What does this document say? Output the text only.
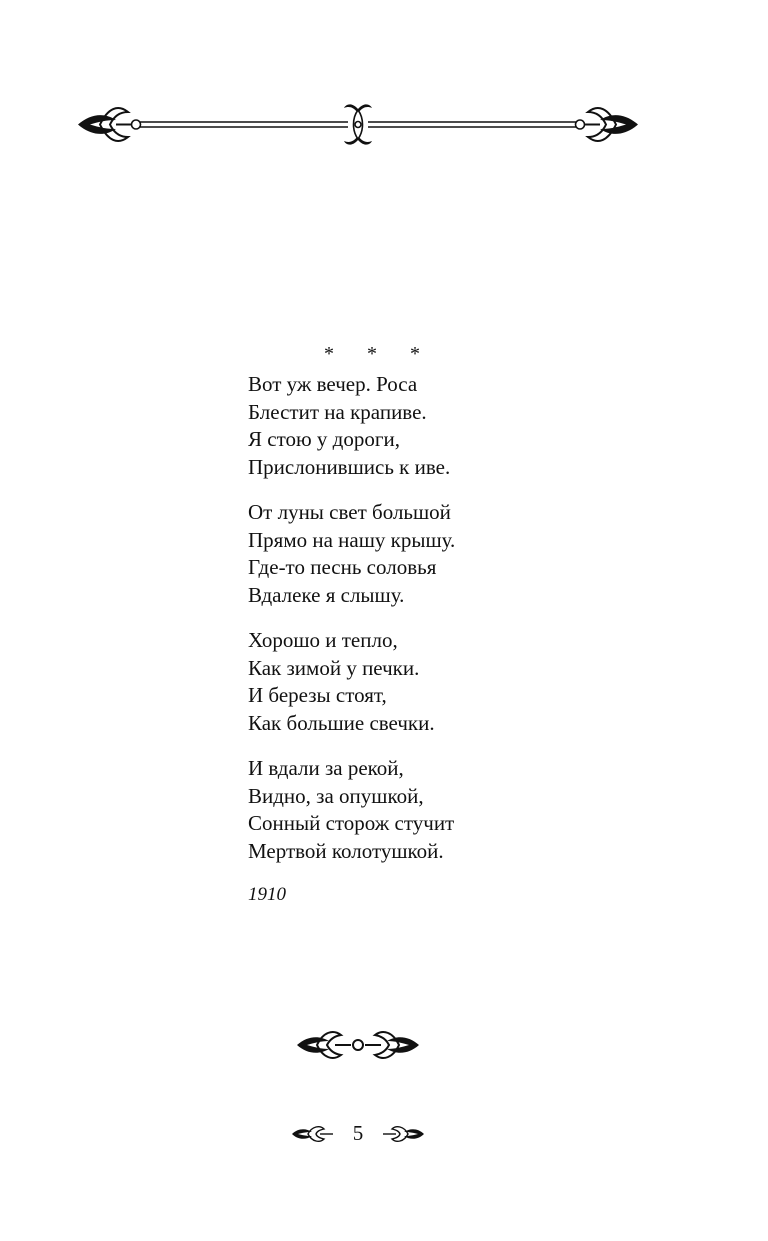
* * *
Вот уж вечер. Роса
Блестит на крапиве.
Я стою у дороги,
Прислонившись к иве.
От луны свет большой
Прямо на нашу крышу.
Где-то песнь соловья
Вдалеке я слышу.
Хорошо и тепло,
Как зимой у печки.
И березы стоят,
Как большие свечки.
И вдали за рекой,
Видно, за опушкой,
Сонный сторож стучит
Мертвой колотушкой.
1910
5
